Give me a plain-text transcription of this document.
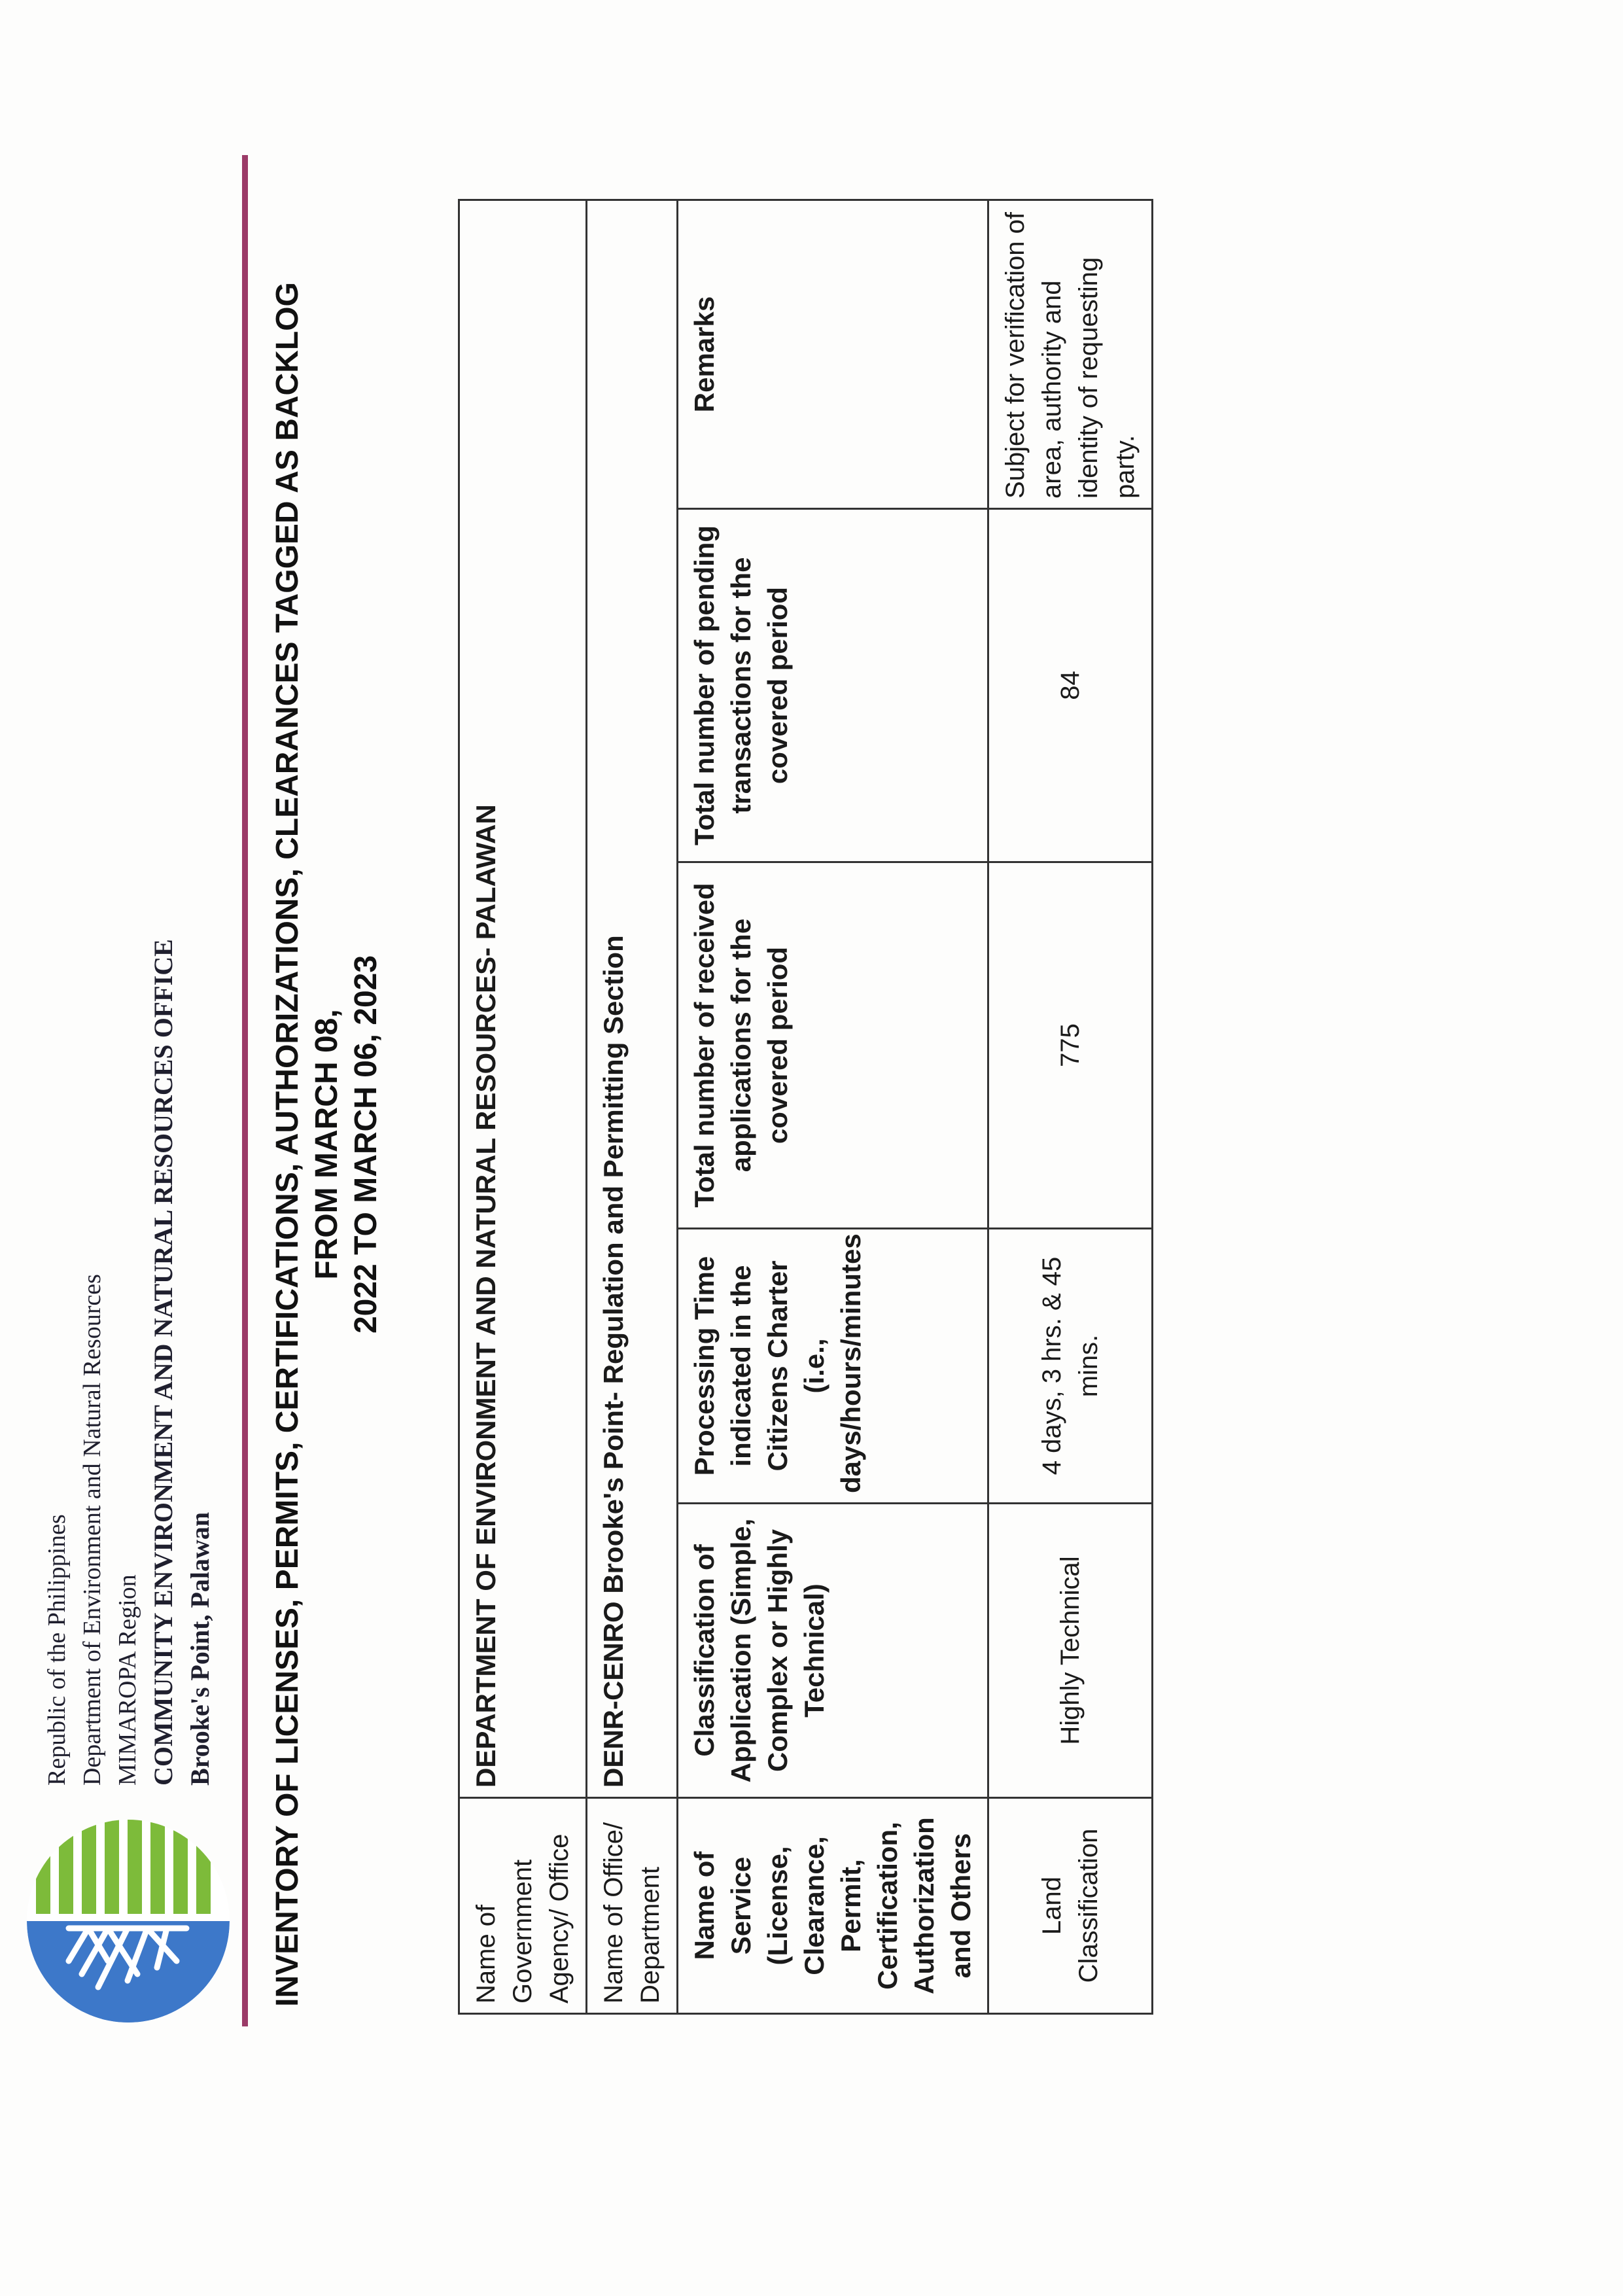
Republic of the Philippines Department of Environment and Natural Resources MIMAROPA Region COMMUNITY ENVIRONMENT AND NATURAL RESOURCES OFFICE Brooke's Point, Palawan INVENTORY OF LICENSES, PERMITS, CERTIFICATIONS, AUTHORIZATIONS, CLEARANCES TAGGED AS BACKLOG FROM MARCH 08, 2022 TO MARCH 06, 2023
Name of Government Agency/ Office	DEPARTMENT OF ENVIRONMENT AND NATURAL RESOURCES- PALAWAN				
Name of Office/ Department	DENR-CENRO Brooke's Point- Regulation and Permitting Section				
Name of Service (License, Clearance, Permit, Certification, Authorization and Others	Classification of Application (Simple, Complex or Highly Technical)	Processing Time indicated in the Citizens Charter (i.e., days/hours/minutes	Total number of received applications for the covered period	Total number of pending transactions for the covered period	Remarks
Land Classification	Highly Technical	4 days, 3 hrs. & 45 mins.	775	84	Subject for verification of area, authority and identity of requesting party.
